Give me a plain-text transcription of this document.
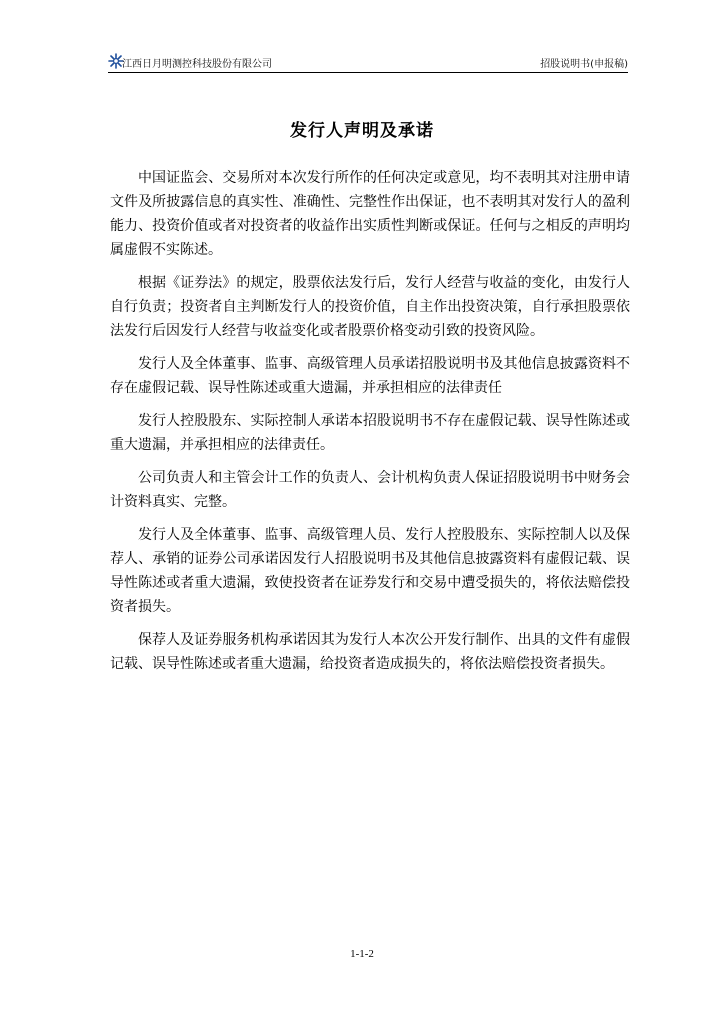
江西日月明测控科技股份有限公司	招股说明书(申报稿)
发行人声明及承诺

中国证监会、交易所对本次发行所作的任何决定或意见，均不表明其对注册申请文件及所披露信息的真实性、准确性、完整性作出保证，也不表明其对发行人的盈利能力、投资价值或者对投资者的收益作出实质性判断或保证。任何与之相反的声明均属虚假不实陈述。

根据《证券法》的规定，股票依法发行后，发行人经营与收益的变化，由发行人自行负责；投资者自主判断发行人的投资价值，自主作出投资决策，自行承担股票依法发行后因发行人经营与收益变化或者股票价格变动引致的投资风险。

发行人及全体董事、监事、高级管理人员承诺招股说明书及其他信息披露资料不存在虚假记载、误导性陈述或重大遗漏，并承担相应的法律责任

发行人控股股东、实际控制人承诺本招股说明书不存在虚假记载、误导性陈述或重大遗漏，并承担相应的法律责任。

公司负责人和主管会计工作的负责人、会计机构负责人保证招股说明书中财务会计资料真实、完整。

发行人及全体董事、监事、高级管理人员、发行人控股股东、实际控制人以及保荐人、承销的证券公司承诺因发行人招股说明书及其他信息披露资料有虚假记载、误导性陈述或者重大遗漏，致使投资者在证券发行和交易中遭受损失的，将依法赔偿投资者损失。

保荐人及证券服务机构承诺因其为发行人本次公开发行制作、出具的文件有虚假记载、误导性陈述或者重大遗漏，给投资者造成损失的，将依法赔偿投资者损失。

1-1-2
